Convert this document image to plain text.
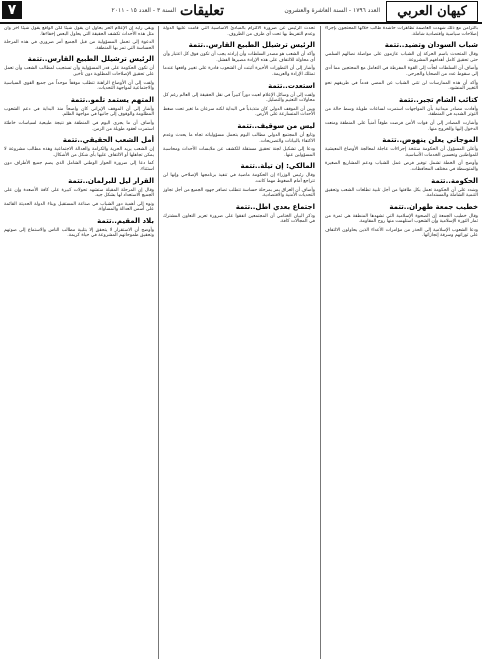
٧	السنة ٣ - العدد ١٥ - ٢٠١١ تعليقات	العدد ١٧٩٦ - السنة العاشرة والعشرون	كيهان العربي
وبقي رأيه إن الإعلام الحر يحاول أن يقول شيئاً لكن الواقع يقول شيئاً آخر وأن مثل هذه الأحداث تكشف الحقيقة التي يحاول البعض إخفاءها.
الدعوة إلى تحمل المسؤولية من قبل الجميع أمر ضروري في هذه المرحلة الحساسة التي تمر بها المنطقة.
الرئيس ترشيلل الطبيع القارس..تتمة
أن تكون الحكومة على قدر المسؤولية وأن تستجيب لمطالب الشعب وأن تعمل على تحقيق الإصلاحات المطلوبة دون تأخير.
ولفت إلى أن الأوضاع الراهنة تتطلب موقفاً موحداً من جميع القوى السياسية والاجتماعية لمواجهة التحديات.
المتهم يستمد تلمو..تتمة
وأشار إلى أن الموقف الإيراني كان واضحاً منذ البداية في دعم الشعوب المظلومة والوقوف إلى جانبها في مواجهة الظلم.
وأضاف أن ما يجري اليوم في المنطقة هو نتيجة طبيعية لسياسات خاطئة استمرت لعقود طويلة من الزمن.
أمل الشعب الحقيقي..تتمة
إن الشعب يريد الحرية والكرامة والعدالة الاجتماعية وهذه مطالب مشروعة لا يمكن تجاهلها أو الالتفاف عليها بأي شكل من الأشكال.
كما دعا إلى ضرورة الحوار الوطني الشامل الذي يضم جميع الأطراف دون استثناء.
القرار ليل للبرلمان..تتمة
وقال إن المرحلة المقبلة ستشهد تحولات كبيرة على كافة الأصعدة وإن على الجميع الاستعداد لها بشكل جيد.
ونوه إلى أهمية دور الشباب في صناعة المستقبل وبناء الدولة الحديثة القائمة على أسس العدالة والمساواة.
بلاد المقيم..تتمة
وأوضح أن الاستقرار لا يتحقق إلا بتلبية مطالب الناس والاستماع إلى صوتهم وتحقيق طموحاتهم المشروعة في حياة كريمة.
تحدث الرئيس عن ضرورة الالتزام بالمبادئ الأساسية التي قامت عليها الدولة وعدم التفريط بها تحت أي ظرف من الظروف.
الرئيس ترشيلل الطبيع القارس..تتمة
وأكد أن الشعب هو مصدر السلطات وأن إرادته يجب أن تكون فوق كل اعتبار وأن أي محاولة للالتفاف على هذه الإرادة مصيرها الفشل.
وأشار إلى أن التطورات الأخيرة أثبتت أن الشعوب قادرة على تغيير واقعها عندما تمتلك الإرادة والعزيمة.
استعدت..تتمة
ولفت إلى أن وسائل الإعلام لعبت دوراً كبيراً في نقل الحقيقة إلى العالم رغم كل محاولات التعتيم والتضليل.
وبين أن الموقف الدولي كان متذبذباً في البداية لكنه سرعان ما تغير تحت ضغط الأحداث المتسارعة على الأرض.
ليس من سوقيف..تتمة
وتابع أن المجتمع الدولي مطالب اليوم بتحمل مسؤولياته تجاه ما يحدث وعدم الاكتفاء بالبيانات والتصريحات.
ودعا إلى تشكيل لجنة تحقيق مستقلة للكشف عن ملابسات الأحداث ومحاسبة المسؤولين عنها.
المالكي: إن تيلة..تتمة
وقال رئيس الوزراء إن الحكومة ماضية في تنفيذ برنامجها الإصلاحي وإنها لن تتراجع أمام الضغوط مهما كانت.
وأضاف أن العراق يمر بمرحلة حساسة تتطلب تضافر جهود الجميع من أجل تجاوز التحديات الأمنية والاقتصادية.
اجتماع بعدي اطل..تتمة
وذكر البيان الختامي أن المجتمعين اتفقوا على ضرورة تعزيز التعاون المشترك في المجالات كافة.
بالتزامن مع ذلك شهدت العاصمة تظاهرات حاشدة طالب خلالها المحتجون بإجراء إصلاحات سياسية واقتصادية شاملة.
شباب السودان وتضيد..تتمة
وقال المتحدث باسم الحركة إن الشباب عازمون على مواصلة نضالهم السلمي حتى تحقيق كامل أهدافهم المشروعة.
وأضاف أن السلطات لجأت إلى القوة المفرطة في التعامل مع المحتجين مما أدى إلى سقوط عدد من الضحايا والجرحى.
وأكد أن هذه الممارسات لن تثني الشباب عن المضي قدماً في طريقهم نحو التغيير المنشود.
كتائب الشام تجبر..تتمة
وأفادت مصادر ميدانية بأن المواجهات استمرت لساعات طويلة وسط حالة من التوتر الشديد في المنطقة.
وأشارت المصادر إلى أن قوات الأمن فرضت طوقاً أمنياً على المنطقة ومنعت الدخول إليها والخروج منها.
الموجاني يعلن ينهوض..تتمة
وأعلن المسؤول أن الحكومة ستتخذ إجراءات عاجلة لمعالجة الأوضاع المعيشية للمواطنين وتحسين الخدمات الأساسية.
وأوضح أن الخطة تشمل توفير فرص عمل للشباب ودعم المشاريع الصغيرة والمتوسطة في مختلف المحافظات.
الحكومة..تتمة
وشدد على أن الحكومة تعمل بكل طاقتها من أجل تلبية تطلعات الشعب وتحقيق التنمية الشاملة والمستدامة.
خطيب جمعة طهران..تتمة
وقال خطيب الجمعة إن الصحوة الإسلامية التي تشهدها المنطقة هي ثمرة من ثمار الثورة الإسلامية وإن الشعوب استلهمت منها روح المقاومة.
ودعا الشعوب الإسلامية إلى الحذر من مؤامرات الأعداء الذين يحاولون الالتفاف على ثوراتهم وسرقة إنجازاتها.
